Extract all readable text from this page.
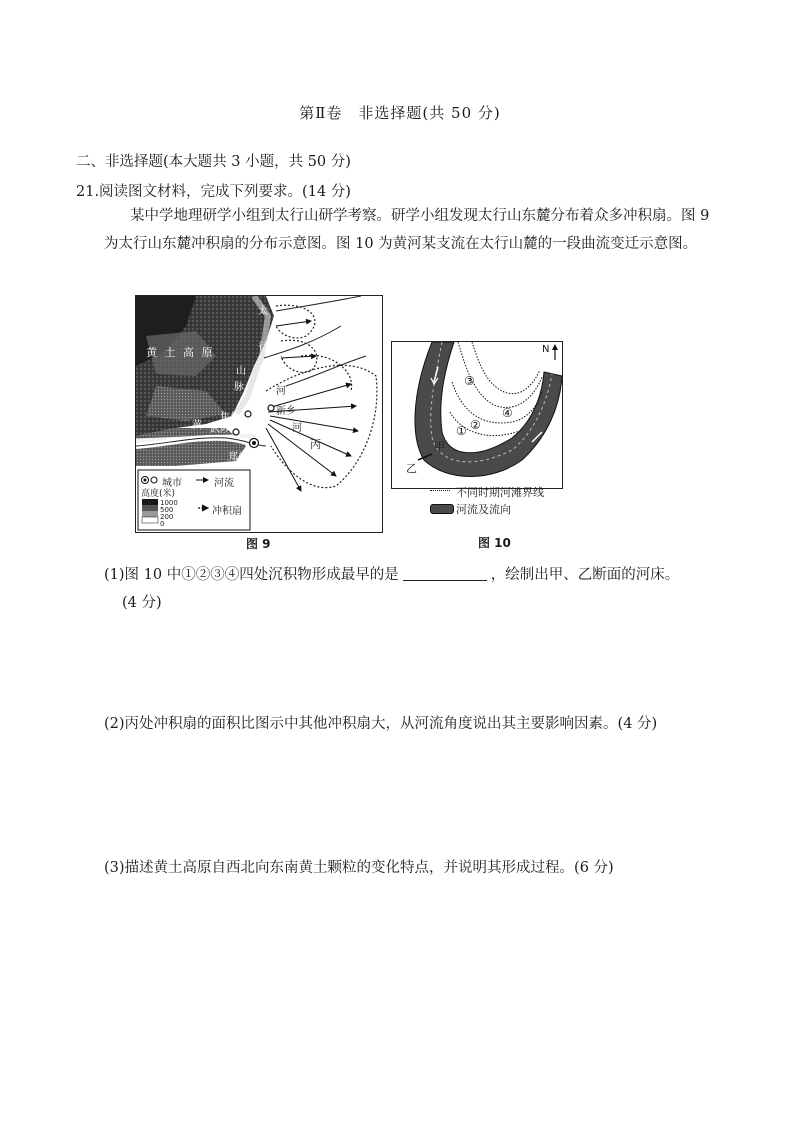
第Ⅱ卷　非选择题(共 50 分)
二、非选择题(本大题共 3 小题，共 50 分)
21.阅读图文材料，完成下列要求。(14 分)
某中学地理研学小组到太行山研学考察。研学小组发现太行山东麓分布着众多冲积扇。图 9 为太行山东麓冲积扇的分布示意图。图 10 为黄河某支流在太行山麓的一段曲流变迁示意图。
黄 土 高 原
太
行
山
脉
卫
河
新乡
焦作
武陟
黄	河
丙
郑州
城市	河流
高度(米)
1000
500
200
0
冲积扇
图 9
N
① ②
③
④
甲
乙
不同时期河滩界线
河流及流向
图 10
(1)图 10 中①②③④四处沉积物形成最早的是	，绘制出甲、乙断面的河床。
(4 分)
(2)丙处冲积扇的面积比图示中其他冲积扇大，从河流角度说出其主要影响因素。(4 分)
(3)描述黄土高原自西北向东南黄土颗粒的变化特点，并说明其形成过程。(6 分)
